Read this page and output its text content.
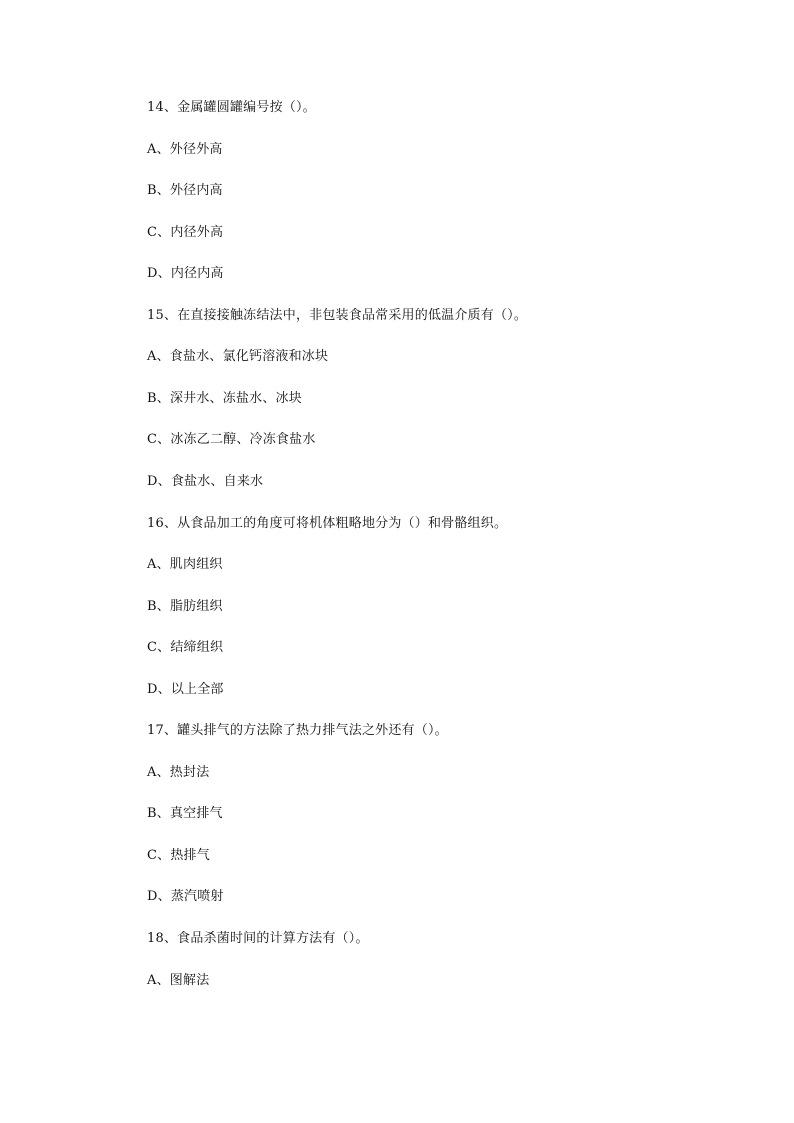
14、金属罐圆罐编号按（）。
A、外径外高
B、外径内高
C、内径外高
D、内径内高
15、在直接接触冻结法中，非包装食品常采用的低温介质有（）。
A、食盐水、氯化钙溶液和冰块
B、深井水、冻盐水、冰块
C、冰冻乙二醇、冷冻食盐水
D、食盐水、自来水
16、从食品加工的角度可将机体粗略地分为（）和骨骼组织。
A、肌肉组织
B、脂肪组织
C、结缔组织
D、以上全部
17、罐头排气的方法除了热力排气法之外还有（）。
A、热封法
B、真空排气
C、热排气
D、蒸汽喷射
18、食品杀菌时间的计算方法有（）。
A、图解法
